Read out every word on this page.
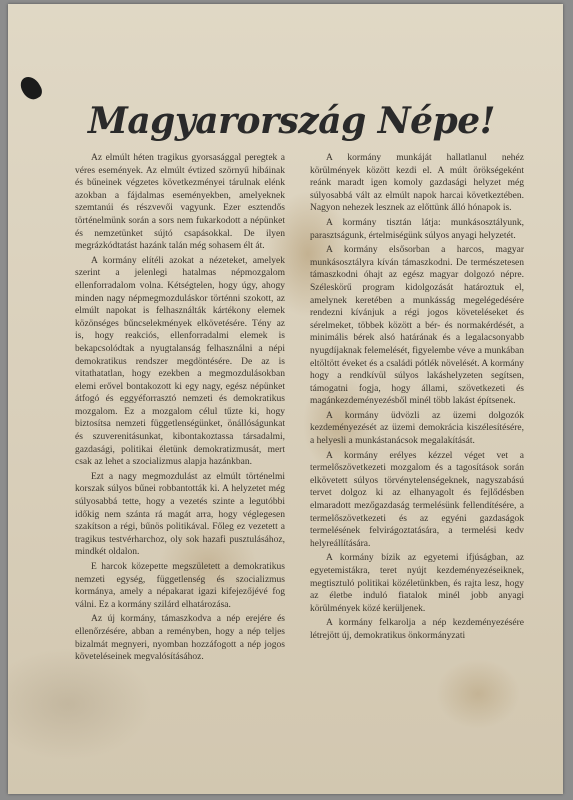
Magyarország Népe!

Az elmúlt héten tragikus gyorsasággal peregtek a véres események. Az elmúlt évtized szörnyű hibáinak és bűneinek végzetes következményei tárulnak elénk azokban a fájdalmas eseményekben, amelyeknek szemtanúi és részvevői vagyunk. Ezer esztendős történelmünk során a sors nem fukarkodott a népünket és nemzetünket sújtó csapásokkal. De ilyen megrázkódtatást hazánk talán még sohasem élt át.

A kormány elítéli azokat a nézeteket, amelyek szerint a jelenlegi hatalmas népmozgalom ellenforradalom volna. Kétségtelen, hogy úgy, ahogy minden nagy népmegmozduláskor történni szokott, az elmúlt napokat is felhasználták kártékony elemek közönséges bűncselekmények elkövetésére. Tény az is, hogy reakciós, ellenforradalmi elemek is bekapcsolódtak a nyugtalanság felhasználni a népi demokratikus rendszer megdöntésére. De az is vitathatatlan, hogy ezekben a megmozdulásokban elemi erővel bontakozott ki egy nagy, egész népünket átfogó és eggyéforrasztó nemzeti és demokratikus mozgalom. Ez a mozgalom célul tűzte ki, hogy biztosítsa nemzeti függetlenségünket, önállóságunkat és szuverenitásunkat, kibontakoztassa társadalmi, gazdasági, politikai életünk demokratizmusát, mert csak az lehet a szocializmus alapja hazánkban.

Ezt a nagy megmozdulást az elmúlt történelmi korszak súlyos bűnei robbantották ki. A helyzetet még súlyosabbá tette, hogy a vezetés szinte a legutóbbi időkig nem szánta rá magát arra, hogy véglegesen szakítson a régi, bűnös politikával. Főleg ez vezetett a tragikus testvérharchoz, oly sok hazafi pusztulásához, mindkét oldalon.

E harcok közepette megszületett a demokratikus nemzeti egység, függetlenség és szocializmus kormánya, amely a népakarat igazi kifejezőjévé fog válni. Ez a kormány szilárd elhatározása.

Az új kormány, támaszkodva a nép erejére és ellenőrzésére, abban a reményben, hogy a nép teljes bizalmát megnyeri, nyomban hozzáfogott a nép jogos követeléseinek megvalósításához.

A kormány munkáját hallatlanul nehéz körülmények között kezdi el. A múlt örökségeként reánk maradt igen komoly gazdasági helyzet még súlyosabbá vált az elmúlt napok harcai következtében. Nagyon nehezek lesznek az előttünk álló hónapok is.

A kormány tisztán látja: munkásosztályunk, parasztságunk, értelmiségünk súlyos anyagi helyzetét.

A kormány elsősorban a harcos, magyar munkásosztályra kíván támaszkodni. De természetesen támaszkodni óhajt az egész magyar dolgozó népre. Széleskörű program kidolgozását határoztuk el, amelynek keretében a munkásság megelégedésére rendezni kívánjuk a régi jogos követeléseket és sérelmeket, többek között a bér- és normakérdését, a minimális bérek alsó határának és a legalacsonyabb nyugdíjaknak felemelését, figyelembe véve a munkában eltöltött éveket és a családi pótlék növelését. A kormány hogy a rendkívül súlyos lakáshelyzeten segítsen, támogatni fogja, hogy állami, szövetkezeti és magánkezdeményezésből minél több lakást építsenek.

A kormány üdvözli az üzemi dolgozók kezdeményezését az üzemi demokrácia kiszélesítésére, a helyesli a munkástanácsok megalakítását.

A kormány erélyes kézzel véget vet a termelőszövetkezeti mozgalom és a tagosítások során elkövetett súlyos törvénytelenségeknek, nagyszabású tervet dolgoz ki az elhanyagolt és fejlődésben elmaradott mezőgazdaság termelésünk fellendítésére, a termelőszövetkezeti és az egyéni gazdaságok termelésének felvirágoztatására, a termelési kedv helyreállítására.

A kormány bízik az egyetemi ifjúságban, az egyetemistákra, teret nyújt kezdeményezéseiknek, megtisztuló politikai közéletünkben, és rajta lesz, hogy az életbe induló fiatalok minél jobb anyagi körülmények közé kerüljenek.

A kormány felkarolja a nép kezdeményezésére létrejött új, demokratikus önkormányzati
